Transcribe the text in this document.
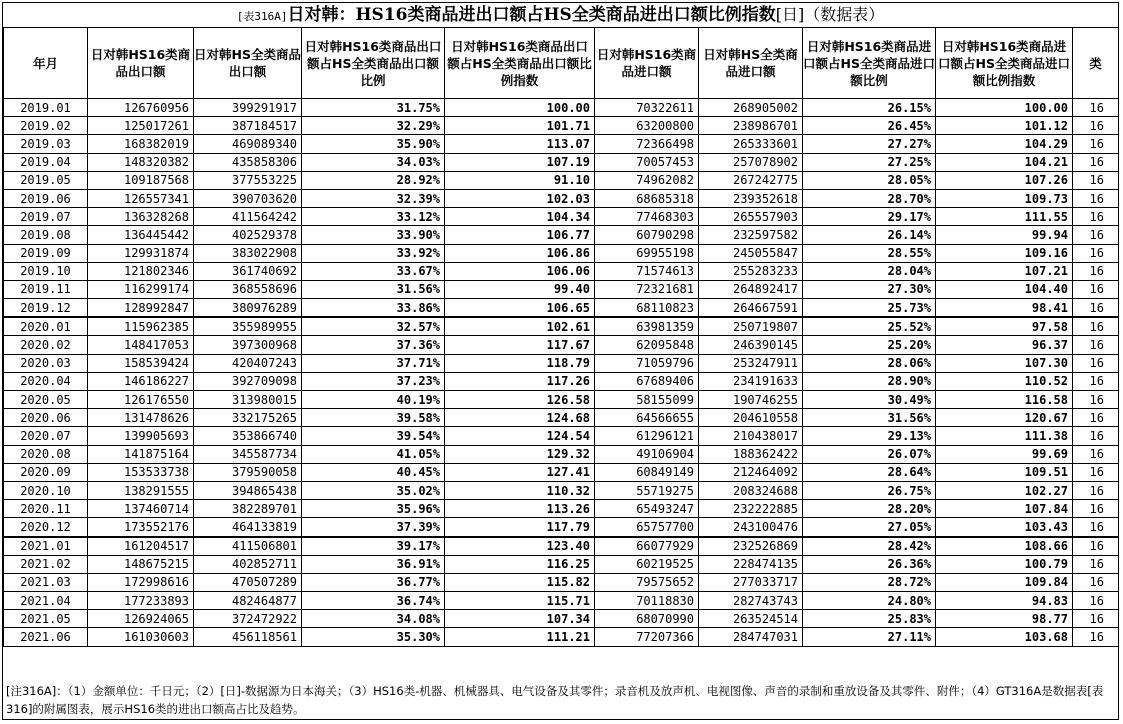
[表316A]日对韩：HS16类商品进出口额占HS全类商品进出口额比例指数[日]（数据表）
年月	日对韩HS16类商品出口额	日对韩HS全类商品出口额	日对韩HS16类商品出口额占HS全类商品出口额比例	日对韩HS16类商品出口额占HS全类商品出口额比例指数	日对韩HS16类商品进口额	日对韩HS全类商品进口额	日对韩HS16类商品进口额占HS全类商品进口额比例	日对韩HS16类商品进口额占HS全类商品进口额比例指数	类
2019.01	126760956	399291917	31.75%	100.00	70322611	268905002	26.15%	100.00	16
2019.02	125017261	387184517	32.29%	101.71	63200800	238986701	26.45%	101.12	16
2019.03	168382019	469089340	35.90%	113.07	72366498	265333601	27.27%	104.29	16
2019.04	148320382	435858306	34.03%	107.19	70057453	257078902	27.25%	104.21	16
2019.05	109187568	377553225	28.92%	91.10	74962082	267242775	28.05%	107.26	16
2019.06	126557341	390703620	32.39%	102.03	68685318	239352618	28.70%	109.73	16
2019.07	136328268	411564242	33.12%	104.34	77468303	265557903	29.17%	111.55	16
2019.08	136445442	402529378	33.90%	106.77	60790298	232597582	26.14%	99.94	16
2019.09	129931874	383022908	33.92%	106.86	69955198	245055847	28.55%	109.16	16
2019.10	121802346	361740692	33.67%	106.06	71574613	255283233	28.04%	107.21	16
2019.11	116299174	368558696	31.56%	99.40	72321681	264892417	27.30%	104.40	16
2019.12	128992847	380976289	33.86%	106.65	68110823	264667591	25.73%	98.41	16
2020.01	115962385	355989955	32.57%	102.61	63981359	250719807	25.52%	97.58	16
2020.02	148417053	397300968	37.36%	117.67	62095848	246390145	25.20%	96.37	16
2020.03	158539424	420407243	37.71%	118.79	71059796	253247911	28.06%	107.30	16
2020.04	146186227	392709098	37.23%	117.26	67689406	234191633	28.90%	110.52	16
2020.05	126176550	313980015	40.19%	126.58	58155099	190746255	30.49%	116.58	16
2020.06	131478626	332175265	39.58%	124.68	64566655	204610558	31.56%	120.67	16
2020.07	139905693	353866740	39.54%	124.54	61296121	210438017	29.13%	111.38	16
2020.08	141875164	345587734	41.05%	129.32	49106904	188362422	26.07%	99.69	16
2020.09	153533738	379590058	40.45%	127.41	60849149	212464092	28.64%	109.51	16
2020.10	138291555	394865438	35.02%	110.32	55719275	208324688	26.75%	102.27	16
2020.11	137460714	382289701	35.96%	113.26	65493247	232222885	28.20%	107.84	16
2020.12	173552176	464133819	37.39%	117.79	65757700	243100476	27.05%	103.43	16
2021.01	161204517	411506801	39.17%	123.40	66077929	232526869	28.42%	108.66	16
2021.02	148675215	402852711	36.91%	116.25	60219525	228474135	26.36%	100.79	16
2021.03	172998616	470507289	36.77%	115.82	79575652	277033717	28.72%	109.84	16
2021.04	177233893	482464877	36.74%	115.71	70118830	282743743	24.80%	94.83	16
2021.05	126924065	372472922	34.08%	107.34	68070990	263524514	25.83%	98.77	16
2021.06	161030603	456118561	35.30%	111.21	77207366	284747031	27.11%	103.68	16
[注316A]：（1）金额单位：千日元；（2）[日]-数据源为日本海关；（3）HS16类-机器、机械器具、电气设备及其零件；录音机及放声机、电视图像、声音的录制和重放设备及其零件、附件；（4）GT316A是数据表[表316]的附属图表，展示HS16类的进出口额高占比及趋势。
